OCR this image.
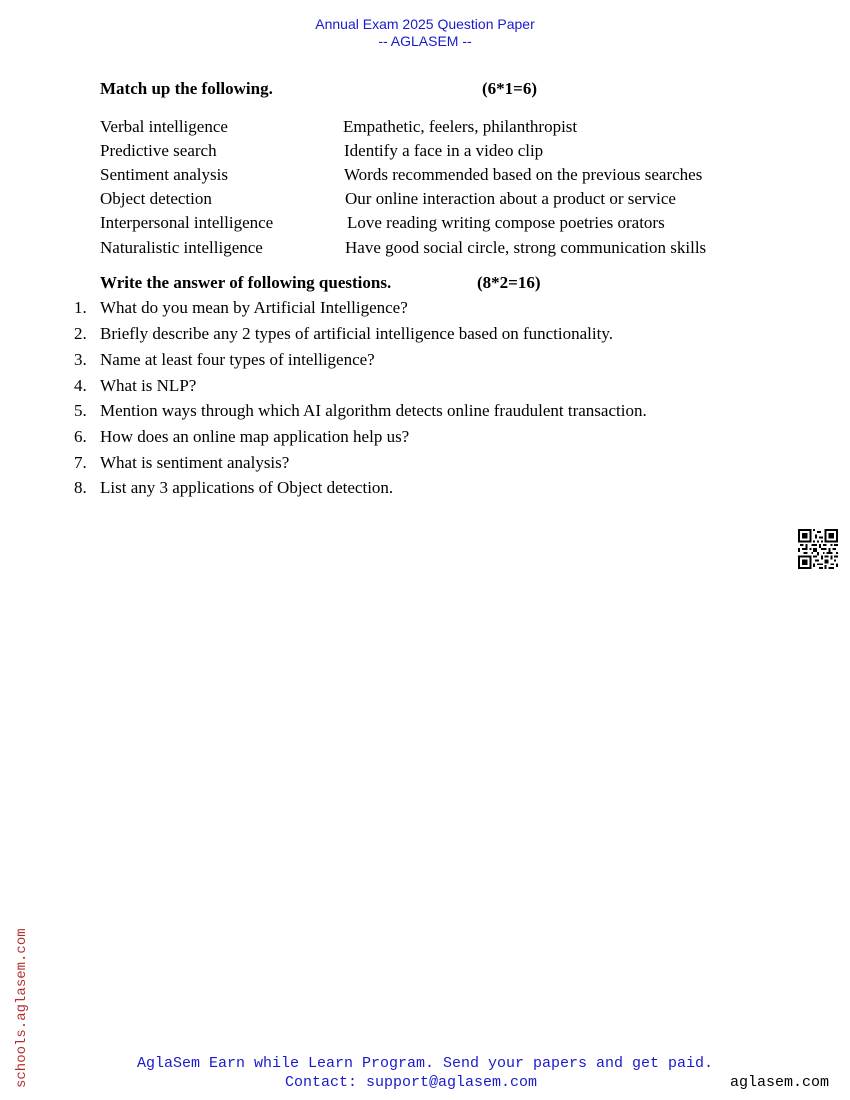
Annual Exam 2025 Question Paper
-- AGLASEM --
Match up the following.	(6*1=6)
Verbal intelligence	Empathetic, feelers, philanthropist
Predictive search	Identify a face in a video clip
Sentiment analysis	Words recommended based on the previous searches
Object detection	Our online interaction about a product or service
Interpersonal intelligence	Love reading writing compose poetries orators
Naturalistic intelligence	Have good social circle, strong communication skills
Write the answer of following questions.	(8*2=16)
1. What do you mean by Artificial Intelligence?
2. Briefly describe any 2 types of artificial intelligence based on functionality.
3. Name at least four types of intelligence?
4. What is NLP?
5. Mention ways through which AI algorithm detects online fraudulent transaction.
6. How does an online map application help us?
7. What is sentiment analysis?
8. List any 3 applications of Object detection.
schools.aglasem.com	AglaSem Earn while Learn Program. Send your papers and get paid.
Contact: support@aglasem.com	aglasem.com
